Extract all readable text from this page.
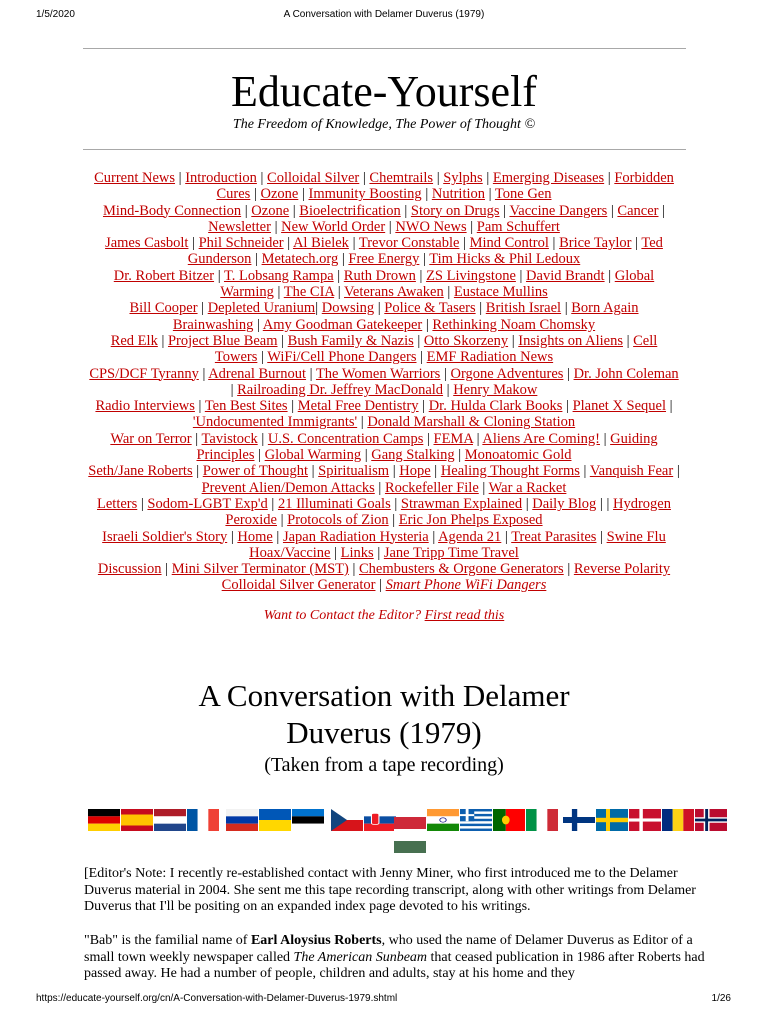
1/5/2020	A Conversation with Delamer Duverus (1979)
Educate-Yourself
The Freedom of Knowledge, The Power of Thought ©
Current News | Introduction | Colloidal Silver | Chemtrails | Sylphs | Emerging Diseases | Forbidden Cures | Ozone | Immunity Boosting | Nutrition | Tone Gen
Mind-Body Connection | Ozone | Bioelectrification | Story on Drugs | Vaccine Dangers | Cancer | Newsletter | New World Order | NWO News | Pam Schuffert
James Casbolt | Phil Schneider | Al Bielek | Trevor Constable | Mind Control | Brice Taylor | Ted Gunderson | Metatech.org | Free Energy | Tim Hicks & Phil Ledoux
Dr. Robert Bitzer | T. Lobsang Rampa | Ruth Drown | ZS Livingstone | David Brandt | Global Warming | The CIA | Veterans Awaken | Eustace Mullins
Bill Cooper | Depleted Uranium| Dowsing | Police & Tasers | British Israel | Born Again Brainwashing | Amy Goodman Gatekeeper | Rethinking Noam Chomsky
Red Elk | Project Blue Beam | Bush Family & Nazis | Otto Skorzeny | Insights on Aliens | Cell Towers | WiFi/Cell Phone Dangers | EMF Radiation News
CPS/DCF Tyranny | Adrenal Burnout | The Women Warriors | Orgone Adventures | Dr. John Coleman | Railroading Dr. Jeffrey MacDonald | Henry Makow
Radio Interviews | Ten Best Sites | Metal Free Dentistry | Dr. Hulda Clark Books | Planet X Sequel | 'Undocumented Immigrants' | Donald Marshall & Cloning Station
War on Terror | Tavistock | U.S. Concentration Camps | FEMA | Aliens Are Coming! | Guiding Principles | Global Warming | Gang Stalking | Monoatomic Gold
Seth/Jane Roberts | Power of Thought | Spiritualism | Hope | Healing Thought Forms | Vanquish Fear | Prevent Alien/Demon Attacks | Rockefeller File | War a Racket
Letters | Sodom-LGBT Exp'd | 21 Illuminati Goals | Strawman Explained | Daily Blog | | Hydrogen Peroxide | Protocols of Zion | Eric Jon Phelps Exposed
Israeli Soldier's Story | Home | Japan Radiation Hysteria | Agenda 21 | Treat Parasites | Swine Flu Hoax/Vaccine | Links | Jane Tripp Time Travel
Discussion | Mini Silver Terminator (MST) | Chembusters & Orgone Generators | Reverse Polarity Colloidal Silver Generator | Smart Phone WiFi Dangers
Want to Contact the Editor? First read this
A Conversation with Delamer Duverus (1979)
(Taken from a tape recording)
[Editor's Note: I recently re-established contact with Jenny Miner, who first introduced me to the Delamer Duverus material in 2004. She sent me this tape recording transcript, along with other writings from Delamer Duverus that I'll be positing on an expanded index page devoted to his writings.
"Bab" is the familial name of Earl Aloysius Roberts, who used the name of Delamer Duverus as Editor of a small town weekly newspaper called The American Sunbeam that ceased publication in 1986 after Roberts had passed away. He had a number of people, children and adults, stay at his home and they
https://educate-yourself.org/cn/A-Conversation-with-Delamer-Duverus-1979.shtml	1/26
